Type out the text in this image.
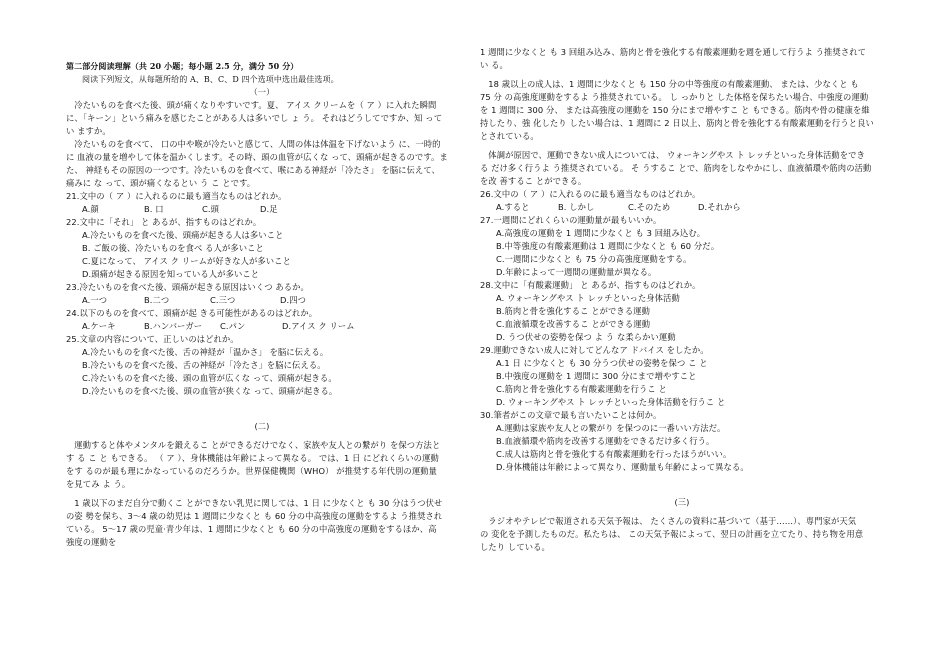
第二部分阅读理解（共 20 小题；每小题 2.5 分，满分 50 分）
阅读下列短文，从每题所给的 A、B、C、D 四个选项中选出最佳选项。
（一）
冷たいものを食べた後、頭が痛くなりやすいです。夏、 アイス クリームを（ ア ）に入れた瞬間
に、「キーン」という痛みを感じたことがある人は多いでし ょ う。 それはどうしてですか、知 って
い ますか。
冷たいものを食べて、 口の中や喉が冷たいと感じて、人間の体は体温を下げないよう に、一時的
に 血液の量を増やして体を温かくします。その時、頭の血管が広くな って、頭痛が起きるのです。ま
た、 神経もその原因の一つです。冷たいものを食べて、喉にある神経が「冷たさ」 を脳に伝えて、
痛みに な って、頭が痛くなるとい う こ とです。
21.文中の（ ア ）に入れるのに最も適当なものはどれか。
A.顔	B. 口	C.頭	D.足
22.文中に「それ」 と あるが、指すものはどれか。
A.冷たいものを食べた後、頭痛が起きる人は多いこと
B. ご飯の後、冷たいものを食べ る人が多いこと
C.夏になって、 アイス ク リームが好きな人が多いこと
D.頭痛が起きる原因を知っている人が多いこと
23.冷たいものを食べた後、頭痛が起きる原因はいくつ あるか。
A.一つ	B.二つ	C.三つ	D.四つ
24.以下のものを食べて、頭痛が起 きる可能性があるのはどれか。
A.ケーキ	B.ハンバーガー	C.パン	D.アイス ク リーム
25.文章の内容について、正しいのはどれか。
A.冷たいものを食べた後、舌の神経が「温かさ」 を脳に伝える。
B.冷たいものを食べた後、舌の神経が「冷たさ」を脳に伝える。
C.冷たいものを食べた後、頭の血管が広くな って、頭痛が起きる。
D.冷たいものを食べた後、頭の血管が狭くな って、頭痛が起きる。
(二)
運動すると体やメンタルを鍛えるこ とができるだけでなく、家族や友人との繋がり を保つ方法と
す る こ と もできる。 （ ア ）、身体機能は年齢によって異なる。 では、1 日 にどれくらいの運動
をす るのが最も理にかなっているのだろうか。世界保健機関（WHO） が推奨する年代別の運動量
を見てみ よ う。
1 歳以下のまだ自分で動くこ とができない乳児に関しては、1 日 に少なくと も 30 分はうつ伏せ
の姿 勢を保ち、3～4 歳の幼児は 1 週間に少なくと も 60 分の中高強度の運動をするよ う推奨され
ている。 5～17 歳の児童·青少年は、1 週間に少なくと も 60 分の中高強度の運動をするほか、高
強度の運動を
1 週間に少なくと も 3 回組み込み、筋肉と骨を強化する有酸素運動を週を通して行うよ う推奨されて
い る。
18 歳以上の成人は、1 週間に少なくと も 150 分の中等強度の有酸素運動、 または、少なくと も
75 分 の高強度運動をするよ う推奨されている。 し っかりと した体格を保ちたい場合、中強度の運動
を 1 週間に 300 分、 または高強度の運動を 150 分にまで増やすこ と もできる。筋肉や骨の健康を維
持したり、強 化したり したい場合は、1 週間に 2 日以上、筋肉と骨を強化する有酸素運動を行うと良い
とされている。
体調が原因で、運動できない成人については、 ウォーキングやス ト レッチといった身体活動をでき
る だけ多く行うよ う推奨されている。 そ うするこ とで、筋肉をしなやかにし、血液循環や筋肉の活動
を改 善するこ とができる。
26.文中の（ ア ）に入れるのに最も適当なものはどれか。
A.すると	B. しかし	C.そのため	D.それから
27.一週間にどれくらいの運動量が最もいいか。
A.高強度の運動を 1 週間に少なくと も 3 回組み込む。
B.中等強度の有酸素運動は 1 週間に少なくと も 60 分だ。
C.一週間に少なくと も 75 分の高強度運動をする。
D.年齢によって一週間の運動量が異なる。
28.文中に「有酸素運動」 と あるが、指すものはどれか。
A. ウォーキングやス ト レッチといった身体活動
B.筋肉と骨を強化するこ とができる運動
C.血液循環を改善するこ とができる運動
D. うつ伏せの姿勢を保つ よ う な柔らかい運動
29.運動できない成人に対してどんなア ドバイス をしたか。
A.1 日 に少なくと も 30 分うつ伏せの姿勢を保つ こ と
B.中強度の運動を 1 週間に 300 分にまで増やすこと
C.筋肉と骨を強化する有酸素運動を行うこ と
D. ウォーキングやス ト レッチといった身体活動を行うこ と
30.筆者がこの文章で最も言いたいことは何か。
A.運動は家族や友人との繋がり を保つのに一番いい方法だ。
B.血液循環や筋肉を改善する運動をできるだけ多く行う。
C.成人は筋肉と骨を強化する有酸素運動を行ったほうがいい。
D.身体機能は年齢によって異なり、運動量も年齢によって異なる。
(三)
ラジオやテレビで報道される天気予報は、 たくさんの資料に基づいて（基于……）、専門家が天気
の 変化を予測したものだ。私たちは、 この天気予報によって、翌日の計画を立てたり、持ち物を用意
したり している。
